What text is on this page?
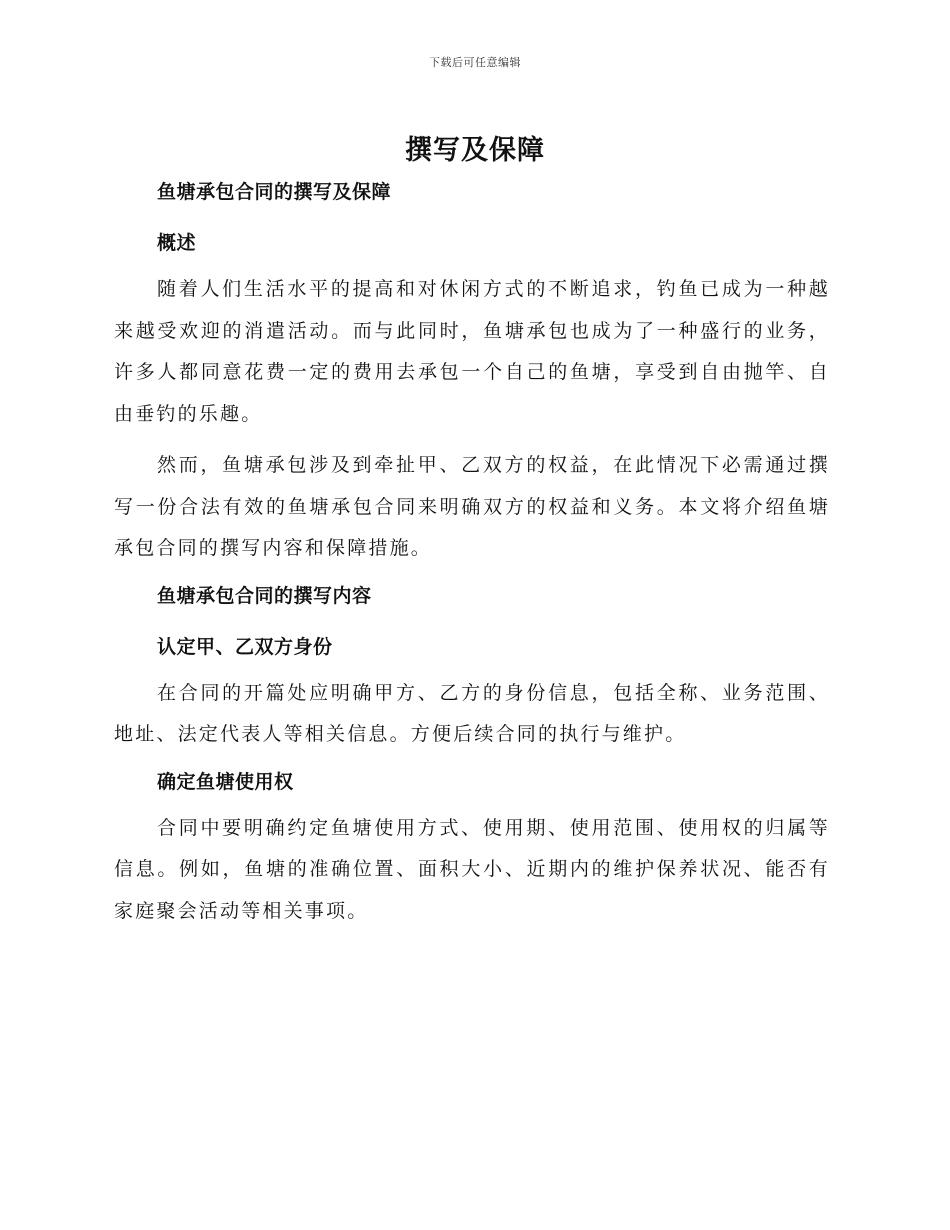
下载后可任意编辑
撰写及保障
鱼塘承包合同的撰写及保障
概述

随着人们生活水平的提高和对休闲方式的不断追求，钓鱼已成为一种越来越受欢迎的消遣活动。而与此同时，鱼塘承包也成为了一种盛行的业务，许多人都同意花费一定的费用去承包一个自己的鱼塘，享受到自由抛竿、自由垂钓的乐趣。

然而，鱼塘承包涉及到牵扯甲、乙双方的权益，在此情况下必需通过撰写一份合法有效的鱼塘承包合同来明确双方的权益和义务。本文将介绍鱼塘承包合同的撰写内容和保障措施。

鱼塘承包合同的撰写内容
认定甲、乙双方身份

在合同的开篇处应明确甲方、乙方的身份信息，包括全称、业务范围、地址、法定代表人等相关信息。方便后续合同的执行与维护。

确定鱼塘使用权

合同中要明确约定鱼塘使用方式、使用期、使用范围、使用权的归属等信息。例如，鱼塘的准确位置、面积大小、近期内的维护保养状况、能否有家庭聚会活动等相关事项。
